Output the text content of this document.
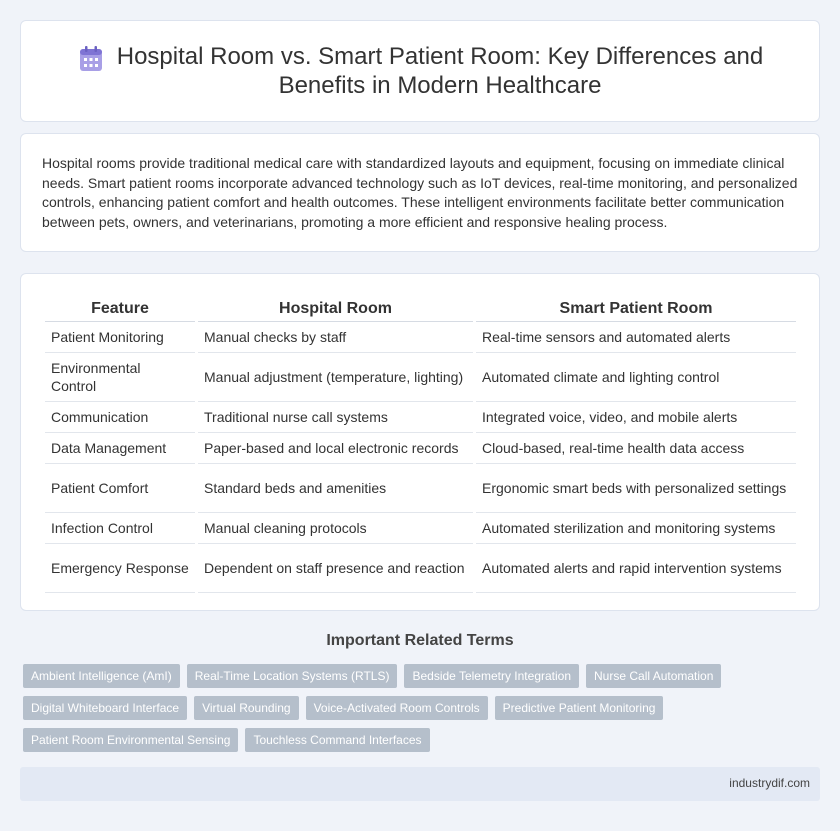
Hospital Room vs. Smart Patient Room: Key Differences and Benefits in Modern Healthcare

Hospital rooms provide traditional medical care with standardized layouts and equipment, focusing on immediate clinical needs. Smart patient rooms incorporate advanced technology such as IoT devices, real-time monitoring, and personalized controls, enhancing patient comfort and health outcomes. These intelligent environments facilitate better communication between pets, owners, and veterinarians, promoting a more efficient and responsive healing process.

Feature	Hospital Room	Smart Patient Room
Patient Monitoring	Manual checks by staff	Real-time sensors and automated alerts
Environmental Control	Manual adjustment (temperature, lighting)	Automated climate and lighting control
Communication	Traditional nurse call systems	Integrated voice, video, and mobile alerts
Data Management	Paper-based and local electronic records	Cloud-based, real-time health data access
Patient Comfort	Standard beds and amenities	Ergonomic smart beds with personalized settings
Infection Control	Manual cleaning protocols	Automated sterilization and monitoring systems
Emergency Response	Dependent on staff presence and reaction	Automated alerts and rapid intervention systems
Important Related Terms
Ambient Intelligence (AmI)	Real-Time Location Systems (RTLS)	Bedside Telemetry Integration	Nurse Call Automation
Digital Whiteboard Interface	Virtual Rounding	Voice-Activated Room Controls	Predictive Patient Monitoring
Patient Room Environmental Sensing	Touchless Command Interfaces
industrydif.com
